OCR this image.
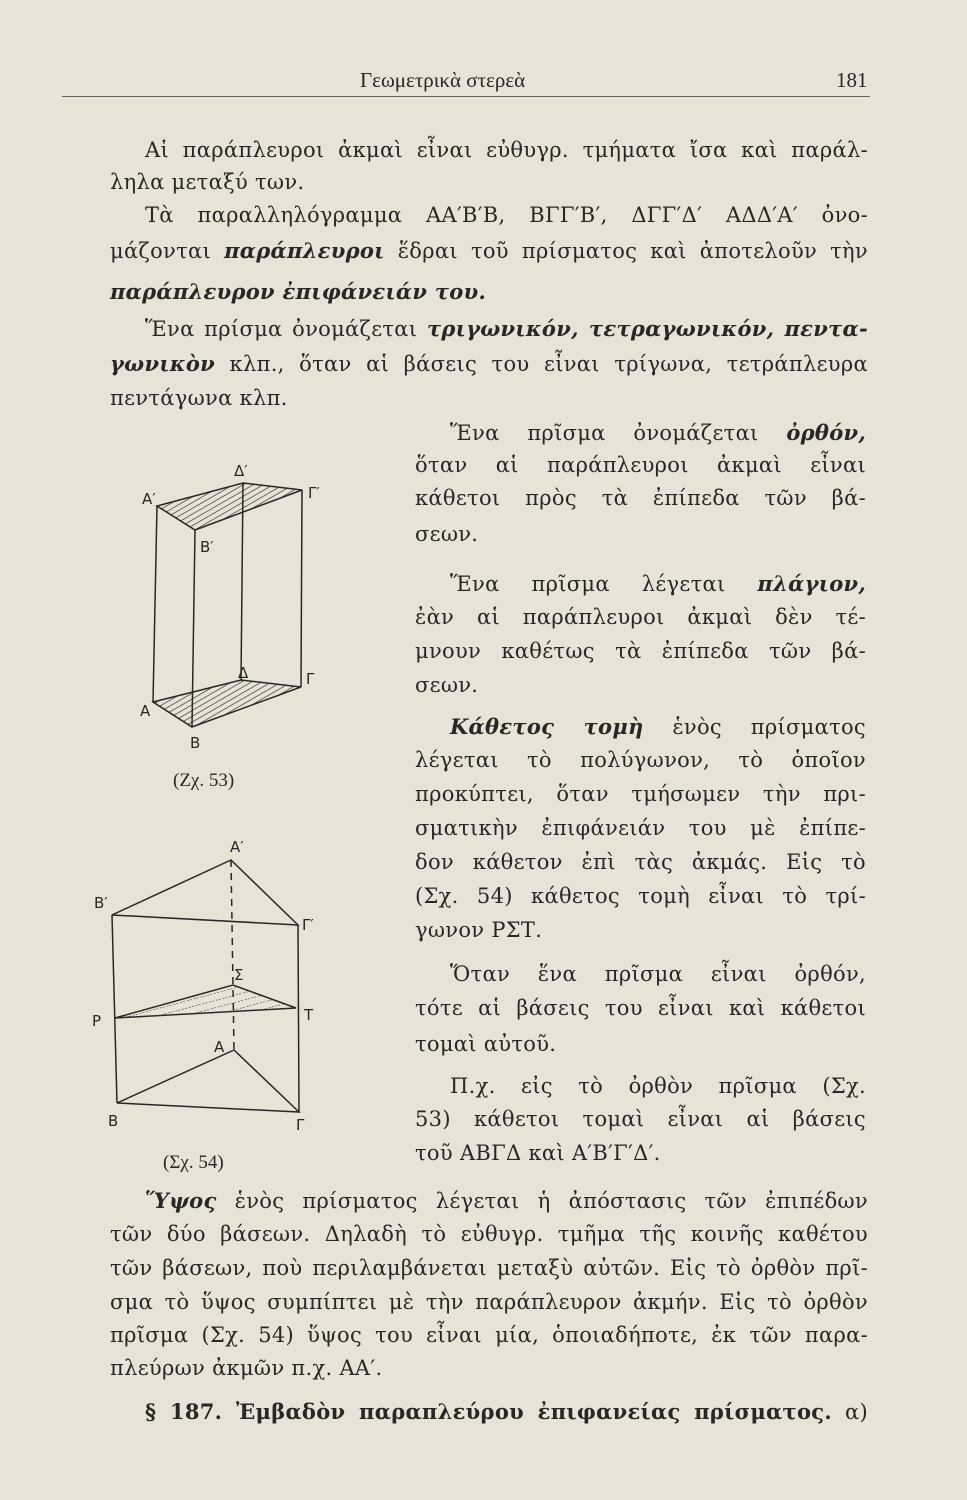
Γεωμετρικὰ στερεὰ	181
Αἱ παράπλευροι ἀκμαὶ εἶναι εὐθυγρ. τμήματα ἴσα καὶ παράλ-
ληλα μεταξύ των.
Τὰ παραλληλόγραμμα ΑΑ′Β′Β, ΒΓΓ′Β′, ΔΓΓ′Δ′ ΑΔΔ′Α′ ὀνο-
μάζονται παράπλευροι ἕδραι τοῦ πρίσματος καὶ ἀποτελοῦν τὴν
παράπλευρον ἐπιφάνειάν του.
Ἕνα πρίσμα ὀνομάζεται τριγωνικόν, τετραγωνικόν, πεντα-
γωνικὸν κλπ., ὅταν αἱ βάσεις του εἶναι τρίγωνα, τετράπλευρα
πεντάγωνα κλπ.
Ἕνα πρῖσμα ὀνομάζεται ὀρθόν,
ὅταν αἱ παράπλευροι ἀκμαὶ εἶναι
κάθετοι πρὸς τὰ ἐπίπεδα τῶν βά-
σεων.
Ἕνα πρῖσμα λέγεται πλάγιον,
ἐὰν αἱ παράπλευροι ἀκμαὶ δὲν τέ-
μνουν καθέτως τὰ ἐπίπεδα τῶν βά-
σεων.
Κάθετος τομὴ ἑνὸς πρίσματος
λέγεται τὸ πολύγωνον, τὸ ὁποῖον
προκύπτει, ὅταν τμήσωμεν τὴν πρι-
σματικὴν ἐπιφάνειάν του μὲ ἐπίπε-
δον κάθετον ἐπὶ τὰς ἀκμάς. Εἰς τὸ
(Σχ. 54) κάθετος τομὴ εἶναι τὸ τρί-
γωνον ΡΣΤ.
Ὅταν ἕνα πρῖσμα εἶναι ὀρθόν,
τότε αἱ βάσεις του εἶναι καὶ κάθετοι
τομαὶ αὐτοῦ.
Π.χ. εἰς τὸ ὀρθὸν πρῖσμα (Σχ.
53) κάθετοι τομαὶ εἶναι αἱ βάσεις
τοῦ ΑΒΓΔ καὶ Α′Β′Γ′Δ′.
Ὕψος ἑνὸς πρίσματος λέγεται ἡ ἀπόστασις τῶν ἐπιπέδων
τῶν δύο βάσεων. Δηλαδὴ τὸ εὐθυγρ. τμῆμα τῆς κοινῆς καθέτου
τῶν βάσεων, ποὺ περιλαμβάνεται μεταξὺ αὐτῶν. Εἰς τὸ ὀρθὸν πρῖ-
σμα τὸ ὕψος συμπίπτει μὲ τὴν παράπλευρον ἀκμήν. Εἰς τὸ ὀρθὸν
πρῖσμα (Σχ. 54) ὕψος του εἶναι μία, ὁποιαδήποτε, ἐκ τῶν παρα-
πλεύρων ἀκμῶν π.χ. ΑΑ′.
§ 187. Ἐμβαδὸν παραπλεύρου ἐπιφανείας πρίσματος. α)
Α′
Δ′
Γ′
Β′
Δ	Γ
Α
Β
(Ζχ. 53)
Α′
Β′
Γ′
Σ
Ρ	Τ
Α
Β	Γ
(Σχ. 54)
